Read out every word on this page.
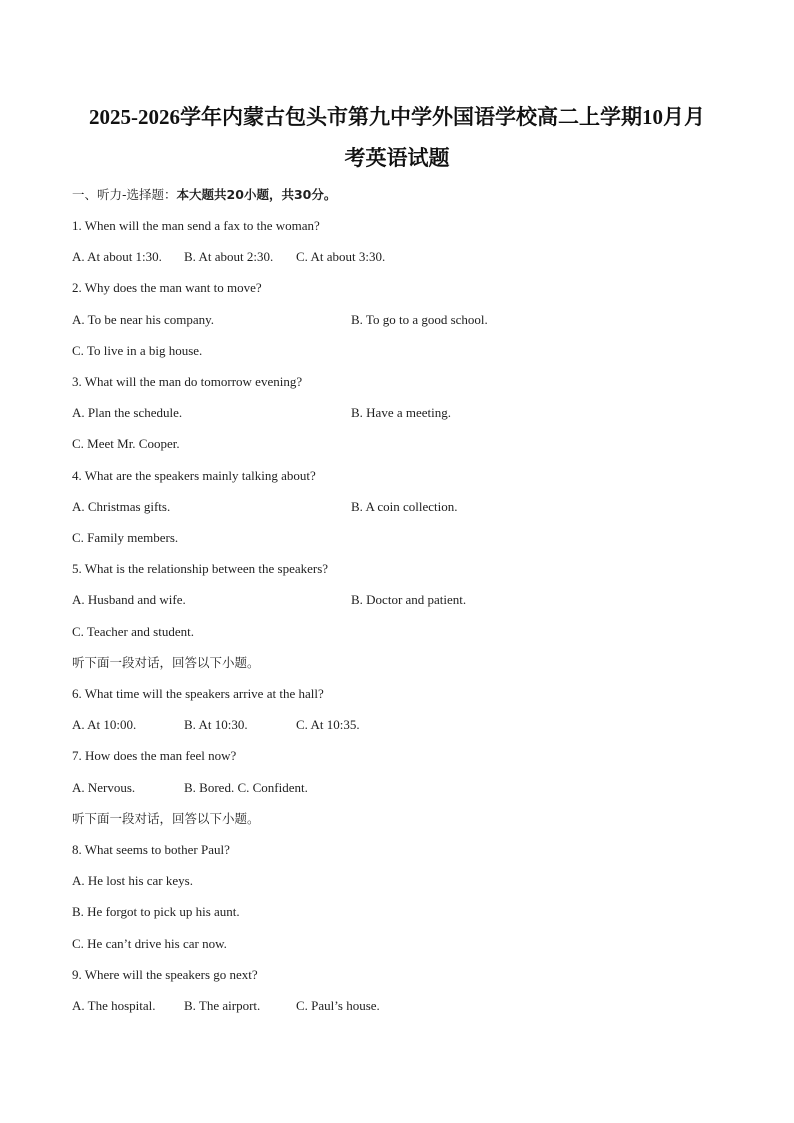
2025-2026学年内蒙古包头市第九中学外国语学校高二上学期10月月
考英语试题
一、听力-选择题：本大题共20小题，共30分。
1. When will the man send a fax to the woman?
A. At about 1:30. B. At about 2:30. C. At about 3:30.
2. Why does the man want to move?
A. To be near his company.	B. To go to a good school.
C. To live in a big house.
3. What will the man do tomorrow evening?
A. Plan the schedule.	B. Have a meeting.
C. Meet Mr. Cooper.
4. What are the speakers mainly talking about?
A. Christmas gifts.	B. A coin collection.
C. Family members.
5. What is the relationship between the speakers?
A. Husband and wife.	B. Doctor and patient.
C. Teacher and student.
听下面一段对话，回答以下小题。
6. What time will the speakers arrive at the hall?
A. At 10:00.	B. At 10:30.	C. At 10:35.
7. How does the man feel now?
A. Nervous.	B. Bored. C. Confident.
听下面一段对话，回答以下小题。
8. What seems to bother Paul?
A. He lost his car keys.
B. He forgot to pick up his aunt.
C. He can’t drive his car now.
9. Where will the speakers go next?
A. The hospital. B. The airport.	C. Paul’s house.
